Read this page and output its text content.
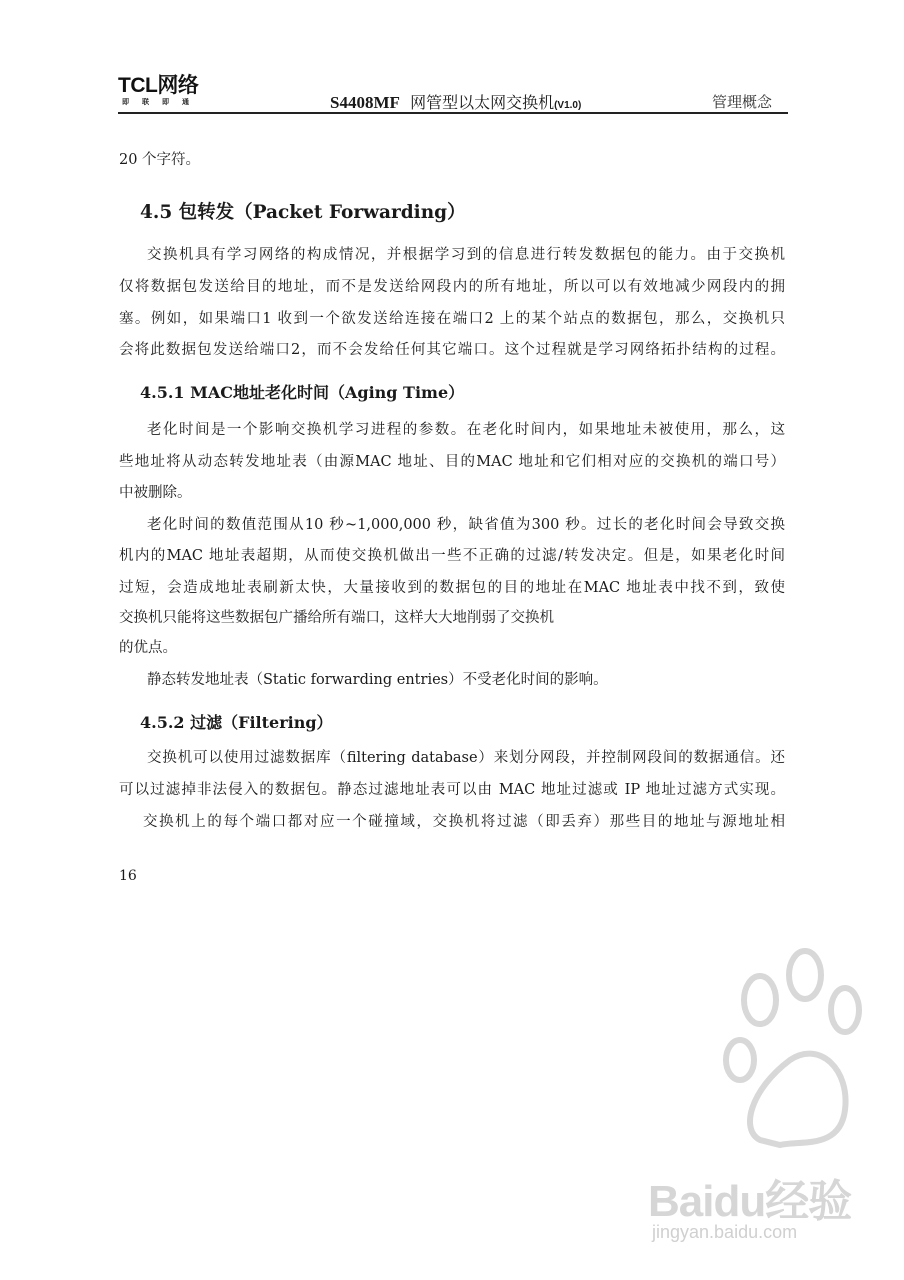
TCL网络
即联即通	S4408MF 网管型以太网交换机(V1.0)	管理概念
20 个字符。
4.5 包转发（Packet Forwarding）
交换机具有学习网络的构成情况，并根据学习到的信息进行转发数据包的能力。由于交换机
仅将数据包发送给目的地址，而不是发送给网段内的所有地址，所以可以有效地减少网段内的拥
塞。例如，如果端口1 收到一个欲发送给连接在端口2 上的某个站点的数据包，那么，交换机只
会将此数据包发送给端口2，而不会发给任何其它端口。这个过程就是学习网络拓扑结构的过程。
4.5.1 MAC地址老化时间（Aging Time）
老化时间是一个影响交换机学习进程的参数。在老化时间内，如果地址未被使用，那么，这
些地址将从动态转发地址表（由源MAC 地址、目的MAC 地址和它们相对应的交换机的端口号）
中被删除。
老化时间的数值范围从10 秒~1,000,000 秒，缺省值为300 秒。过长的老化时间会导致交换
机内的MAC 地址表超期，从而使交换机做出一些不正确的过滤/转发决定。但是，如果老化时间
过短，会造成地址表刷新太快，大量接收到的数据包的目的地址在MAC 地址表中找不到，致使
交换机只能将这些数据包广播给所有端口，这样大大地削弱了交换机
的优点。
静态转发地址表（Static forwarding entries）不受老化时间的影响。
4.5.2 过滤（Filtering）
交换机可以使用过滤数据库（filtering database）来划分网段，并控制网段间的数据通信。还
可以过滤掉非法侵入的数据包。静态过滤地址表可以由 MAC 地址过滤或 IP 地址过滤方式实现。
交换机上的每个端口都对应一个碰撞域，交换机将过滤（即丢弃）那些目的地址与源地址相
16
Baidu经验
jingyan.baidu.com
